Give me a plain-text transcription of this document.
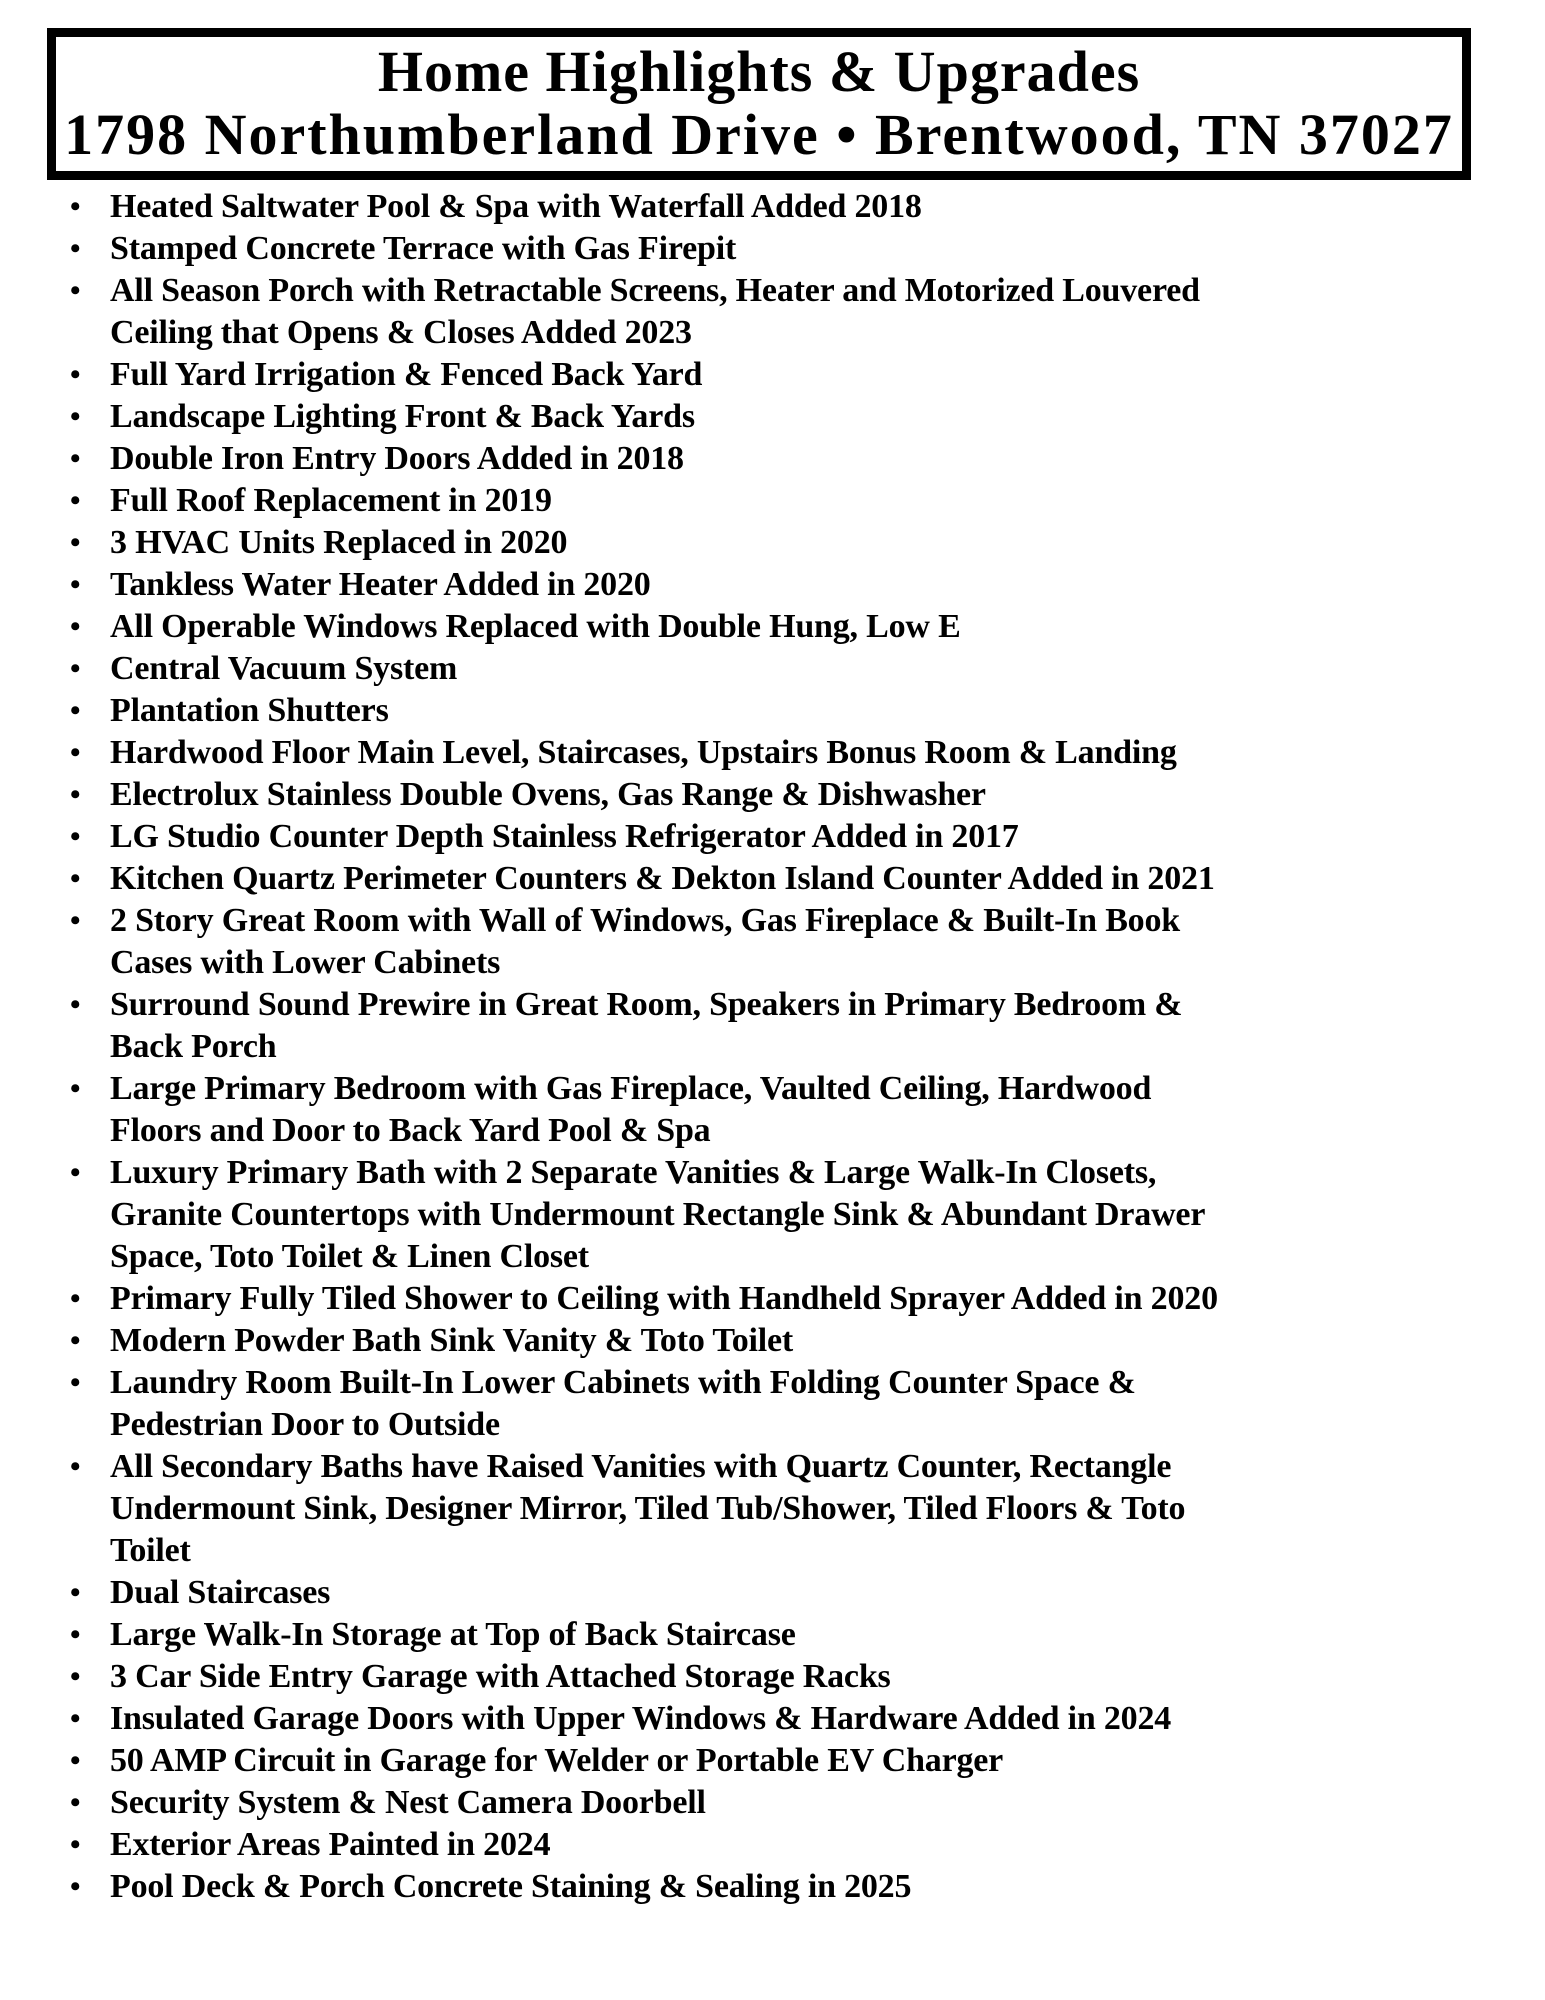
Home Highlights & Upgrades
1798 Northumberland Drive • Brentwood, TN 37027
• Heated Saltwater Pool & Spa with Waterfall Added 2018
• Stamped Concrete Terrace with Gas Firepit
• All Season Porch with Retractable Screens, Heater and Motorized Louvered
Ceiling that Opens & Closes Added 2023
• Full Yard Irrigation & Fenced Back Yard
• Landscape Lighting Front & Back Yards
• Double Iron Entry Doors Added in 2018
• Full Roof Replacement in 2019
• 3 HVAC Units Replaced in 2020
• Tankless Water Heater Added in 2020
• All Operable Windows Replaced with Double Hung, Low E
• Central Vacuum System
• Plantation Shutters
• Hardwood Floor Main Level, Staircases, Upstairs Bonus Room & Landing
• Electrolux Stainless Double Ovens, Gas Range & Dishwasher
• LG Studio Counter Depth Stainless Refrigerator Added in 2017
• Kitchen Quartz Perimeter Counters & Dekton Island Counter Added in 2021
• 2 Story Great Room with Wall of Windows, Gas Fireplace & Built-In Book
Cases with Lower Cabinets
• Surround Sound Prewire in Great Room, Speakers in Primary Bedroom &
Back Porch
• Large Primary Bedroom with Gas Fireplace, Vaulted Ceiling, Hardwood
Floors and Door to Back Yard Pool & Spa
• Luxury Primary Bath with 2 Separate Vanities & Large Walk-In Closets,
Granite Countertops with Undermount Rectangle Sink & Abundant Drawer
Space, Toto Toilet & Linen Closet
• Primary Fully Tiled Shower to Ceiling with Handheld Sprayer Added in 2020
• Modern Powder Bath Sink Vanity & Toto Toilet
• Laundry Room Built-In Lower Cabinets with Folding Counter Space &
Pedestrian Door to Outside
• All Secondary Baths have Raised Vanities with Quartz Counter, Rectangle
Undermount Sink, Designer Mirror, Tiled Tub/Shower, Tiled Floors & Toto
Toilet
• Dual Staircases
• Large Walk-In Storage at Top of Back Staircase
• 3 Car Side Entry Garage with Attached Storage Racks
• Insulated Garage Doors with Upper Windows & Hardware Added in 2024
• 50 AMP Circuit in Garage for Welder or Portable EV Charger
• Security System & Nest Camera Doorbell
• Exterior Areas Painted in 2024
• Pool Deck & Porch Concrete Staining & Sealing in 2025
